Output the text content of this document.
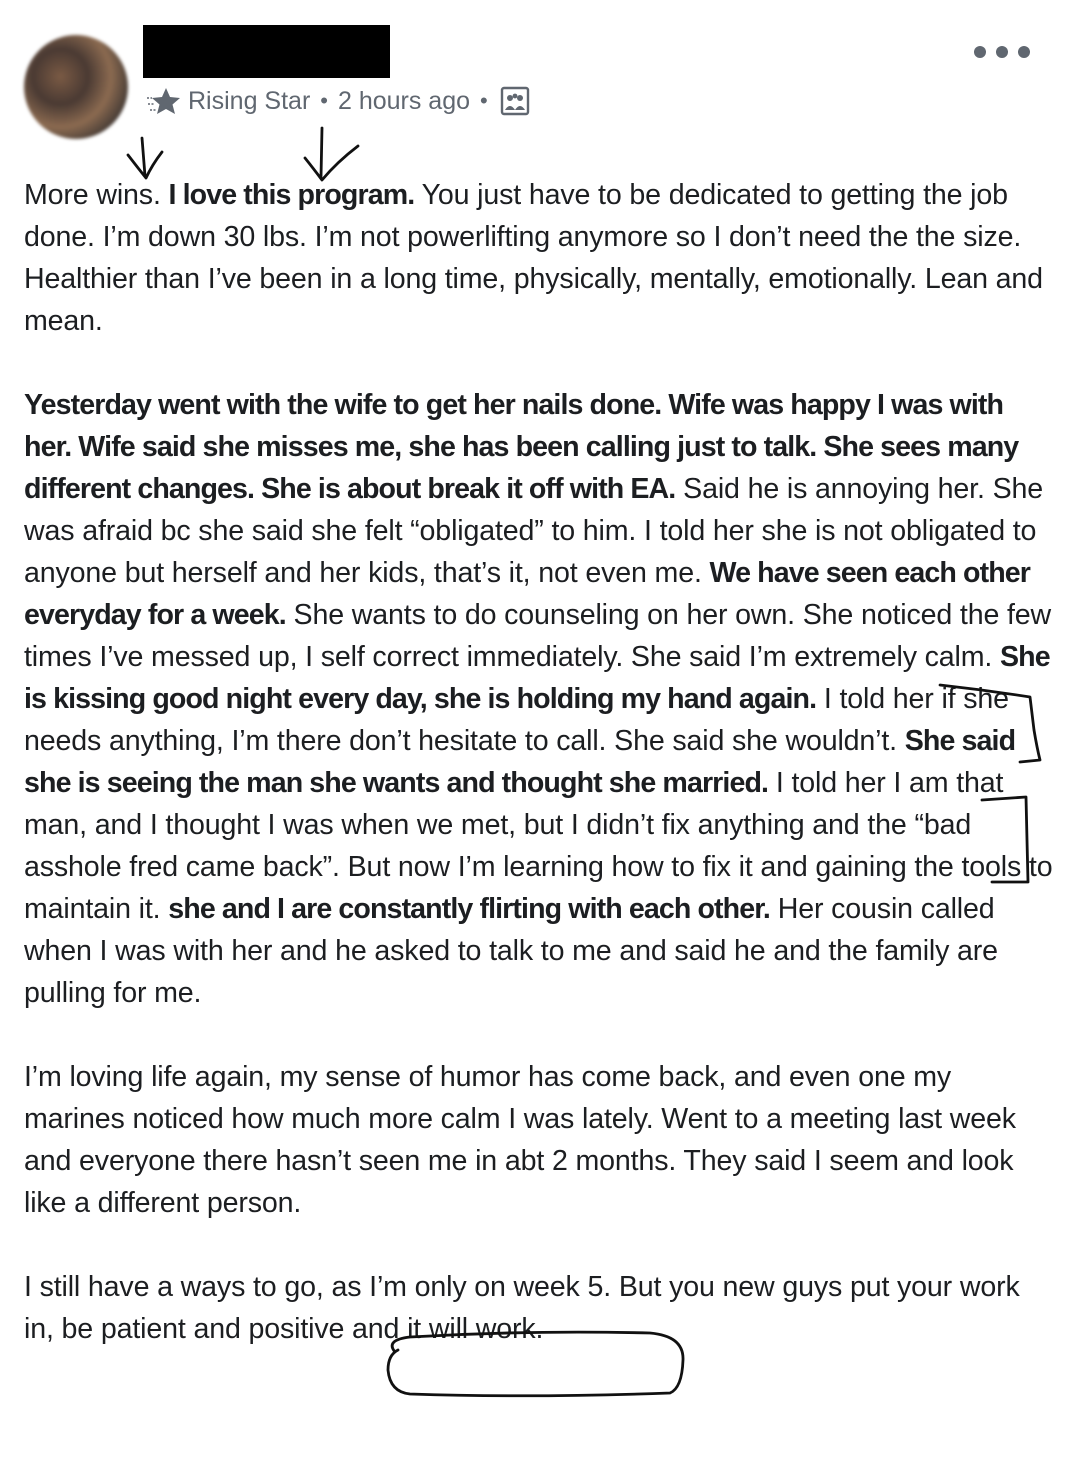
Rising Star • 2 hours ago •

More wins. I love this program. You just have to be dedicated to getting the job done. I’m down 30 lbs. I’m not powerlifting anymore so I don’t need the the size. Healthier than I’ve been in a long time, physically, mentally, emotionally. Lean and mean.

Yesterday went with the wife to get her nails done. Wife was happy I was with her. Wife said she misses me, she has been calling just to talk. She sees many different changes. She is about break it off with EA. Said he is annoying her. She was afraid bc she said she felt “obligated” to him. I told her she is not obligated to anyone but herself and her kids, that’s it, not even me. We have seen each other everyday for a week. She wants to do counseling on her own. She noticed the few times I’ve messed up, I self correct immediately. She said I’m extremely calm. She is kissing good night every day, she is holding my hand again. I told her if she needs anything, I’m there don’t hesitate to call. She said she wouldn’t. She said she is seeing the man she wants and thought she married. I told her I am that man, and I thought I was when we met, but I didn’t fix anything and the “bad asshole fred came back”. But now I’m learning how to fix it and gaining the tools to maintain it. she and I are constantly flirting with each other. Her cousin called when I was with her and he asked to talk to me and said he and the family are pulling for me.

I’m loving life again, my sense of humor has come back, and even one my marines noticed how much more calm I was lately. Went to a meeting last week and everyone there hasn’t seen me in abt 2 months. They said I seem and look like a different person.

I still have a ways to go, as I’m only on week 5. But you new guys put your work in, be patient and positive and it will work.
